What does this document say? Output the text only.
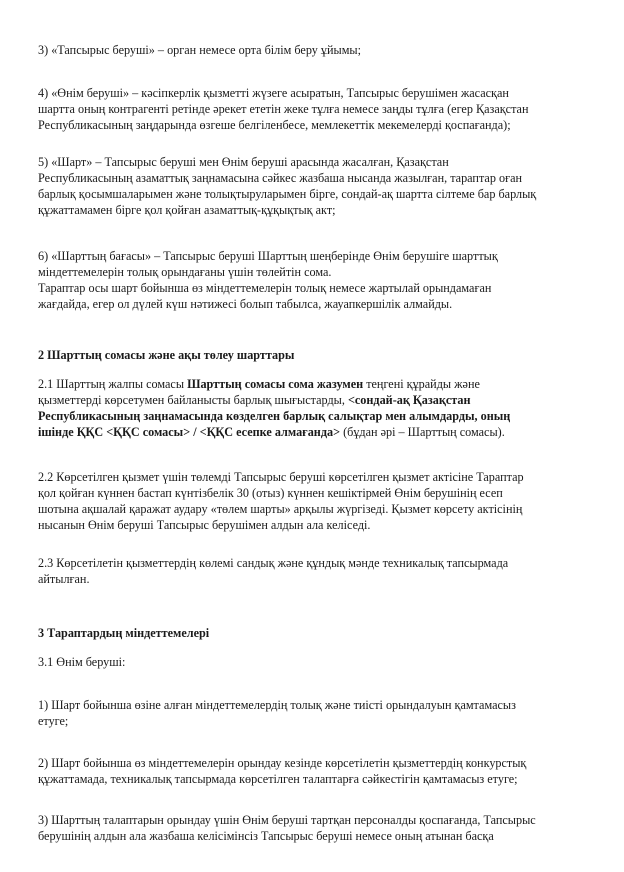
3) «Тапсырыс беруші» – орган немесе орта білім беру ұйымы;
4) «Өнім беруші» – кәсіпкерлік қызметті жүзеге асыратын, Тапсырыс берушімен жасасқан
шартта оның контрагенті ретінде әрекет ететін жеке тұлға немесе заңды тұлға (егер Қазақстан
Республикасының заңдарында өзгеше белгіленбесе, мемлекеттік мекемелерді қоспағанда);
5) «Шарт» – Тапсырыс беруші мен Өнім беруші арасында жасалған, Қазақстан
Республикасының азаматтық заңнамасына сәйкес жазбаша нысанда жазылған, тараптар оған
барлық қосымшаларымен және толықтыруларымен бірге, сондай-ақ шартта сілтеме бар барлық
құжаттамамен бірге қол қойған азаматтық-құқықтық акт;
6) «Шарттың бағасы» – Тапсырыс беруші Шарттың шеңберінде Өнім берушіге шарттық
міндеттемелерін толық орындағаны үшін төлейтін сома.
Тараптар осы шарт бойынша өз міндеттемелерін толық немесе жартылай орындамаған
жағдайда, егер ол дүлей күш нәтижесі болып табылса, жауапкершілік алмайды.
2 Шарттың сомасы және ақы төлеу шарттары
2.1 Шарттың жалпы сомасы Шарттың сомасы сома жазумен теңгені құрайды және
қызметтерді көрсетумен байланысты барлық шығыстарды, <сондай-ақ Қазақстан
Республикасының заңнамасында көзделген барлық салықтар мен алымдарды, оның
ішінде ҚҚС <ҚҚС сомасы> / <ҚҚС есепке алмағанда> (бұдан әрі – Шарттың сомасы).
2.2 Көрсетілген қызмет үшін төлемді Тапсырыс беруші көрсетілген қызмет актісіне Тараптар
қол қойған күннен бастап күнтізбелік 30 (отыз) күннен кешіктірмей Өнім берушінің есеп
шотына ақшалай қаражат аудару «төлем шарты» арқылы жүргізеді. Қызмет көрсету актісінің
нысанын Өнім беруші Тапсырыс берушімен алдын ала келіседі.
2.3 Көрсетілетін қызметтердің көлемі сандық және құндық мәнде техникалық тапсырмада
айтылған.
3 Тараптардың міндеттемелері
3.1 Өнім беруші:
1) Шарт бойынша өзіне алған міндеттемелердің толық және тиісті орындалуын қамтамасыз
етуге;
2) Шарт бойынша өз міндеттемелерін орындау кезінде көрсетілетін қызметтердің конкурстық
құжаттамада, техникалық тапсырмада көрсетілген талаптарға сәйкестігін қамтамасыз етуге;
3) Шарттың талаптарын орындау үшін Өнім беруші тартқан персоналды қоспағанда, Тапсырыс
берушінің алдын ала жазбаша келісімінсіз Тапсырыс беруші немесе оның атынан басқа
